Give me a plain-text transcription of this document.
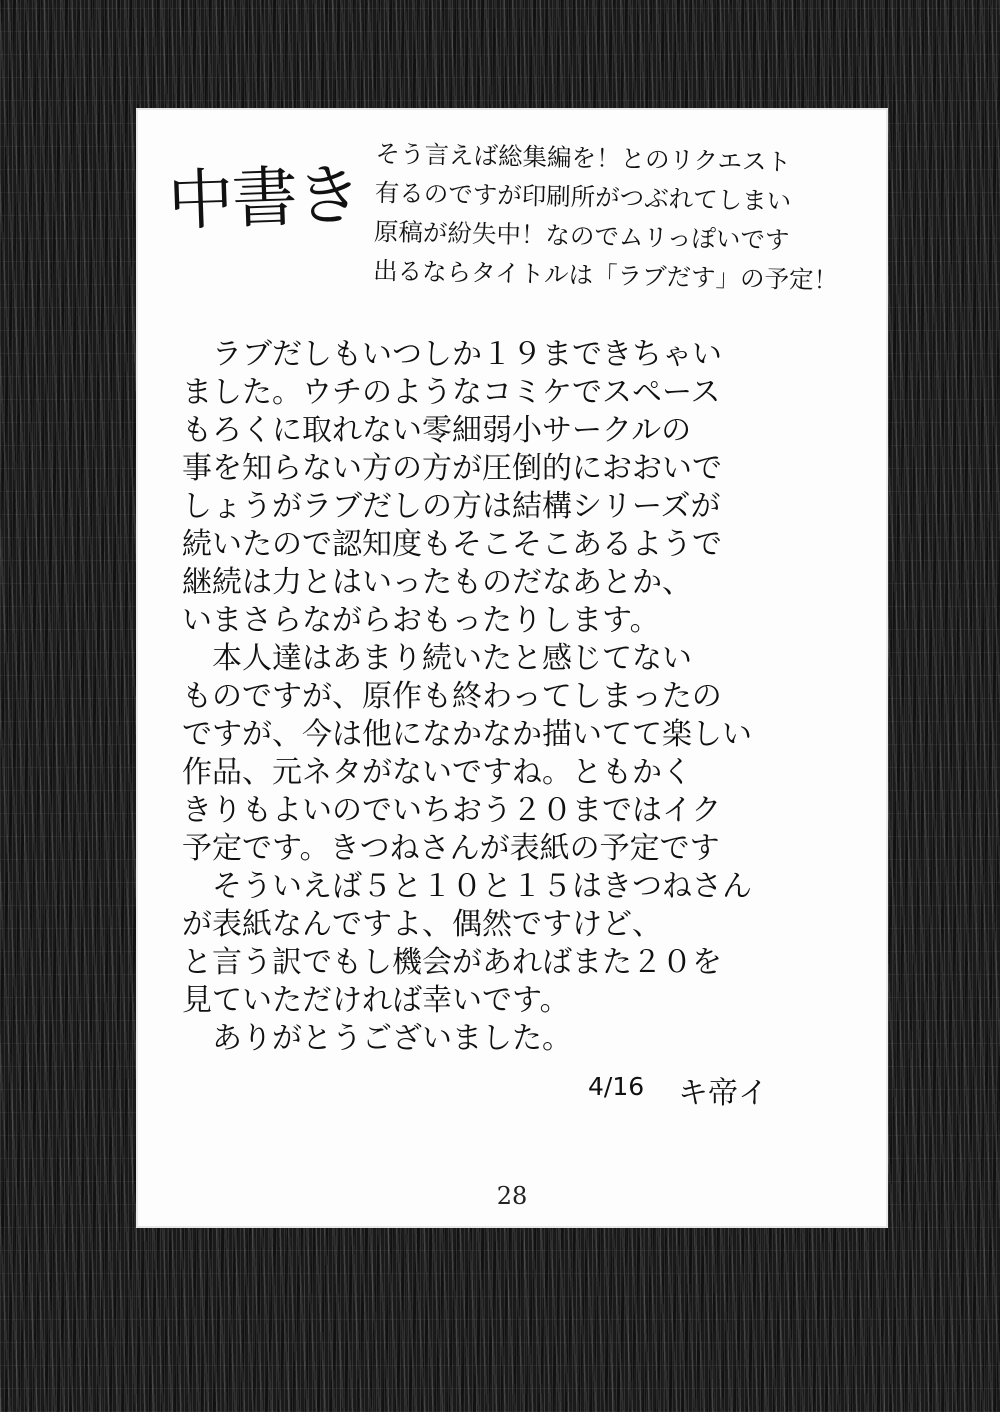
中書き そう言えば総集編を！とのリクエスト
有るのですが印刷所がつぶれてしまい
原稿が紛失中！なのでムリっぽいです
出るならタイトルは「ラブだす」の予定！
　ラブだしもいつしか１９まできちゃい
ました。ウチのようなコミケでスペース
もろくに取れない零細弱小サークルの
事を知らない方の方が圧倒的におおいで
しょうがラブだしの方は結構シリーズが
続いたので認知度もそこそこあるようで
継続は力とはいったものだなあとか、
いまさらながらおもったりします。
　本人達はあまり続いたと感じてない
ものですが、原作も終わってしまったの
ですが、今は他になかなか描いてて楽しい
作品、元ネタがないですね。ともかく
きりもよいのでいちおう２０まではイク
予定です。きつねさんが表紙の予定です
　そういえば５と１０と１５はきつねさん
が表紙なんですよ、偶然ですけど、
と言う訳でもし機会があればまた２０を
見ていただければ幸いです。
　ありがとうございました。
4/16 キ帝イ
28
